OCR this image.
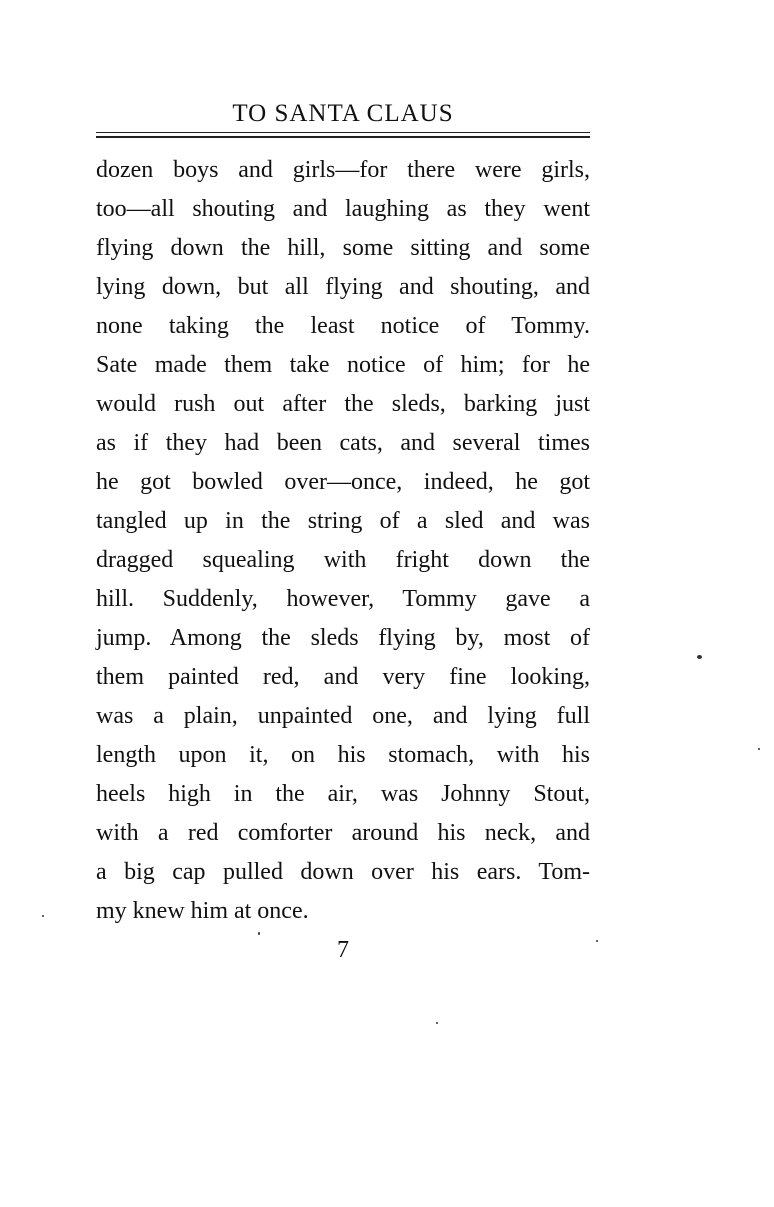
TO SANTA CLAUS
dozen boys and girls—for there were girls,
too—all shouting and laughing as they went
flying down the hill, some sitting and some
lying down, but all flying and shouting, and
none taking the least notice of Tommy.
Sate made them take notice of him; for he
would rush out after the sleds, barking just
as if they had been cats, and several times
he got bowled over—once, indeed, he got
tangled up in the string of a sled and was
dragged squealing with fright down the
hill. Suddenly, however, Tommy gave a
jump. Among the sleds flying by, most of
them painted red, and very fine looking,
was a plain, unpainted one, and lying full
length upon it, on his stomach, with his
heels high in the air, was Johnny Stout,
with a red comforter around his neck, and
a big cap pulled down over his ears. Tom-
my knew him at once.
7
